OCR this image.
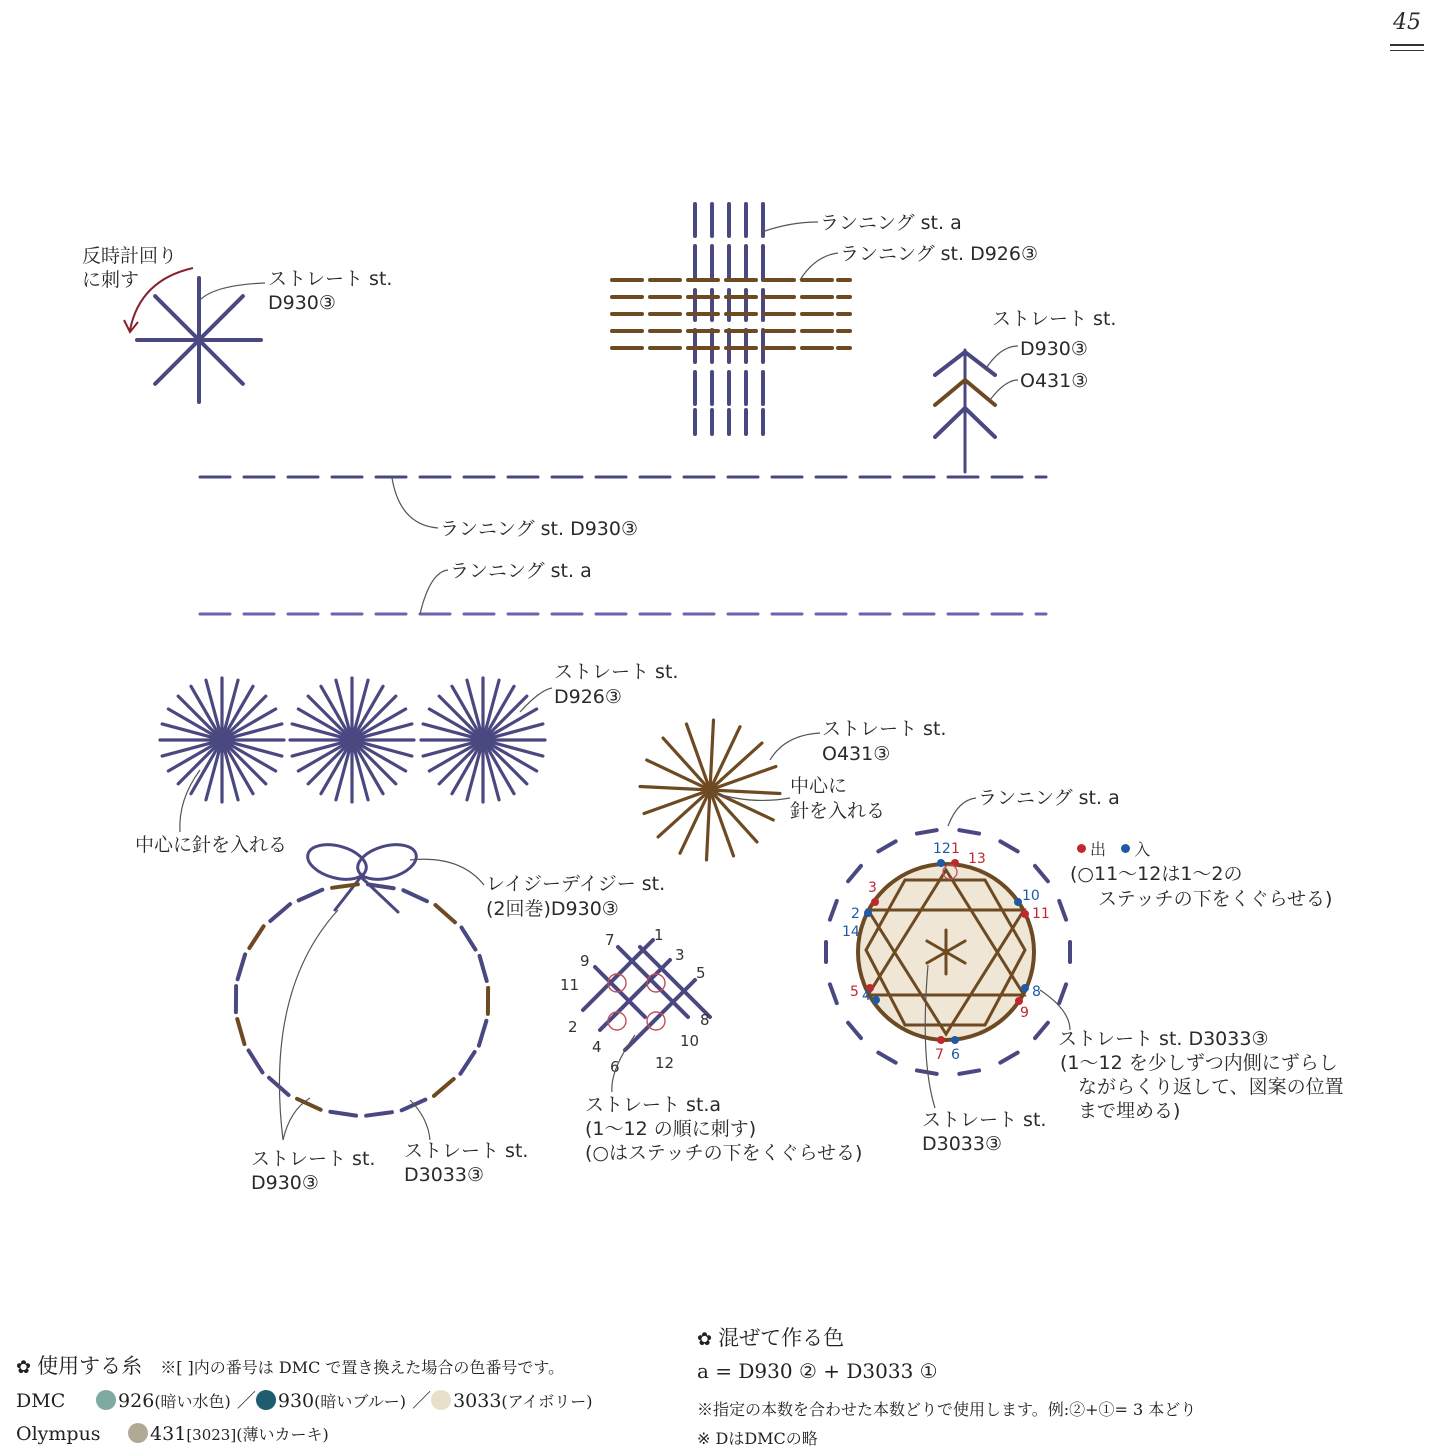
1
2
3
4
5
6
7
8
9
10
11
12
1
2
3
4
5
6
7
8
9
10
11
12
13
14
45
反時計回り
に刺す	ストレート st.
D930③
ランニング st. a
ランニング st. D926③
ストレート st.
D930③
O431③
ランニング st. D930③
ランニング st. a
ストレート st.
D926③
中心に針を入れる
ストレート st.
O431③
中心に
針を入れる
ランニング st. a
出 入
(○11〜12は1〜2の
ステッチの下をくぐらせる)
レイジーデイジー st.
(2回巻)D930③
ストレート st.
D930③
ストレート st.
D3033③
ストレート st.a
(1〜12 の順に刺す)
(○はステッチの下をくぐらせる)
ストレート st. D3033③
(1〜12 を少しずつ内側にずらし
ながらくり返して、図案の位置
まで埋める)
ストレート st.
D3033③
✿ 使用する糸 ※[ ]内の番号は DMC で置き換えた場合の色番号です。
DMC	926(暗い水色) ／ 930(暗いブルー) ／ 3033(アイボリー)
Olympus	431[3023](薄いカーキ)
✿ 混ぜて作る色
a = D930 ② + D3033 ①
※指定の本数を合わせた本数どりで使用します。例:②+①= 3 本どり
※ DはDMCの略
